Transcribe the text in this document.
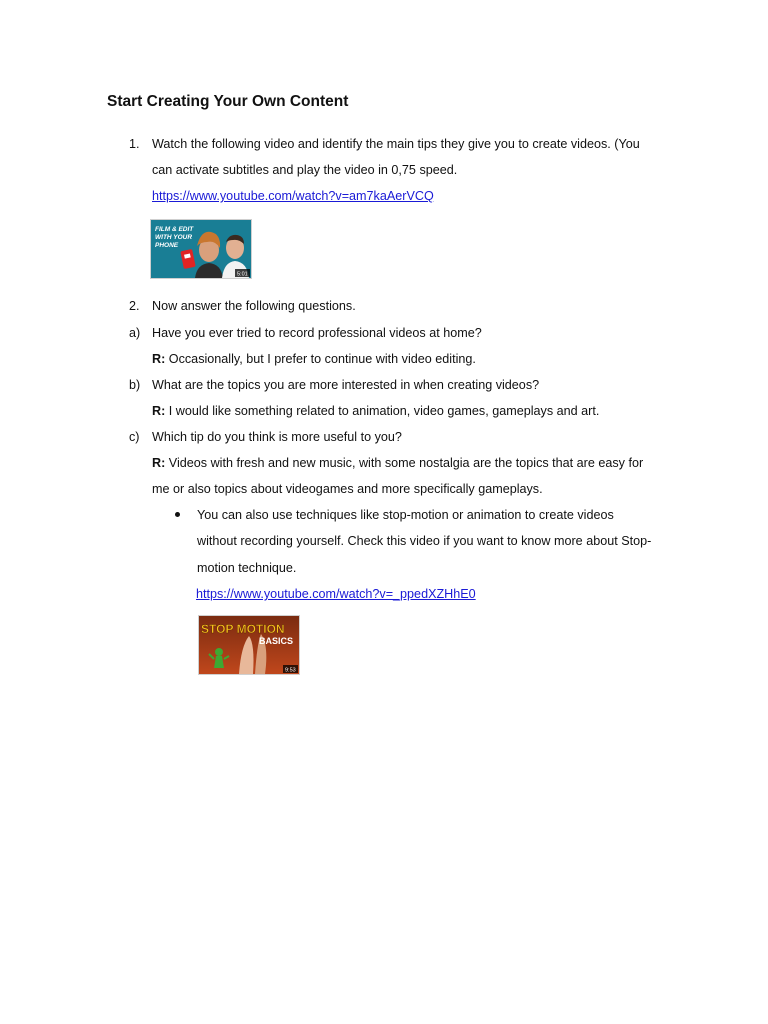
Start Creating Your Own Content
1. Watch the following video and identify the main tips they give you to create videos. (You
can activate subtitles and play the video in 0,75 speed.
https://www.youtube.com/watch?v=am7kaAerVCQ
FILM & EDIT
WITH YOUR
PHONE
5:01
2. Now answer the following questions.
a) Have you ever tried to record professional videos at home?
R: Occasionally, but I prefer to continue with video editing.
b) What are the topics you are more interested in when creating videos?
R: I would like something related to animation, video games, gameplays and art.
c) Which tip do you think is more useful to you?
R: Videos with fresh and new music, with some nostalgia are the topics that are easy for
me or also topics about videogames and more specifically gameplays.
You can also use techniques like stop-motion or animation to create videos
without recording yourself. Check this video if you want to know more about Stop-
motion technique.
https://www.youtube.com/watch?v=_ppedXZHhE0
STOP MOTION
BASICS
9:53
